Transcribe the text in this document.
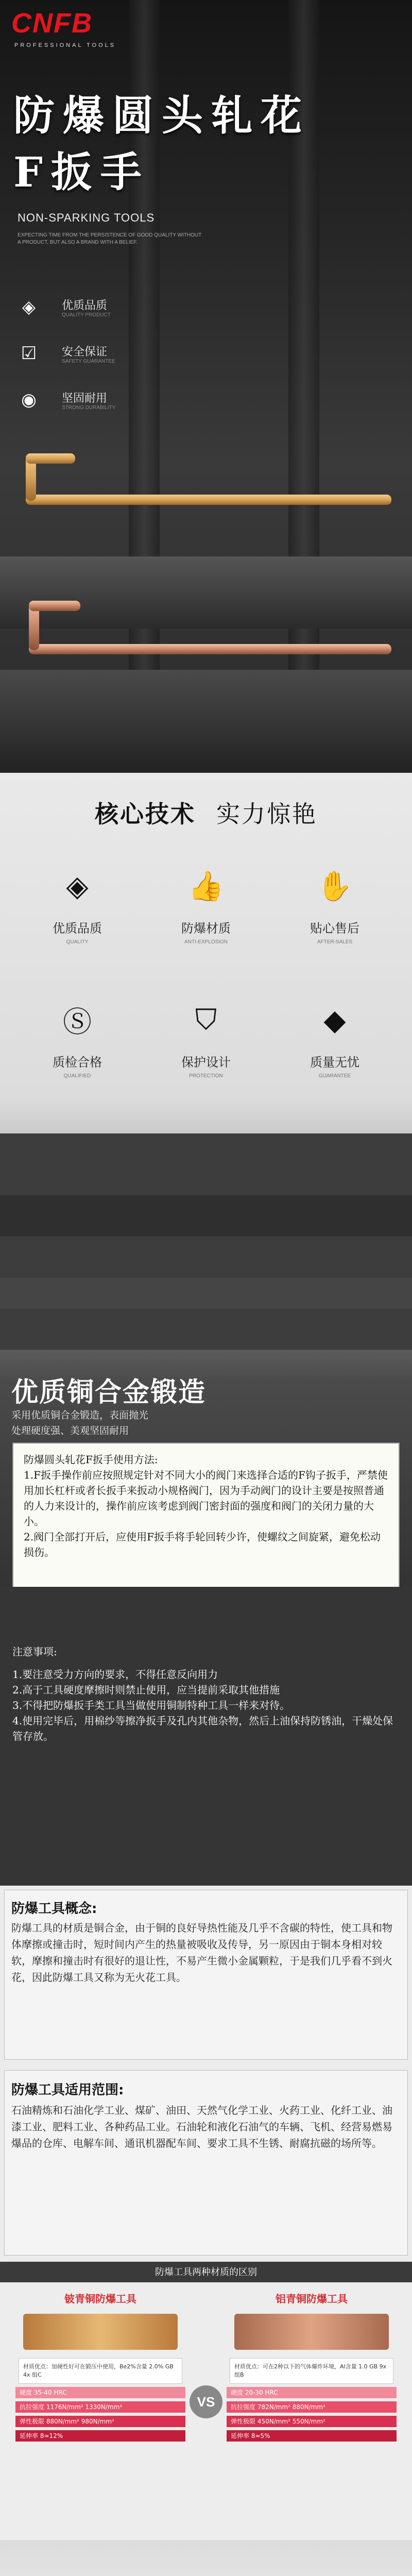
CNFB
PROFESSIONAL TOOLS
防爆圆头轧花
F扳手
NON-SPARKING TOOLS
EXPECTING TIME FROM THE PERSISTENCE OF GOOD QUALITY WITHOUT A PRODUCT, BUT ALSO A BRAND WITH A BELIEF.
◈	优质品质
QUALITY PRODUCT
☑	安全保证
SAFETY GUARANTEE
◉	坚固耐用
STRONG DURABILITY
核心技术 实力惊艳
◈
优质品质
QUALITY
👍
防爆材质
ANTI-EXPLOSION
✋
贴心售后
AFTER-SALES
Ⓢ
质检合格
QUALIFIED
⛉
保护设计
PROTECTION
◆
质量无忧
GUARANTEE
优质铜合金锻造
采用优质铜合金锻造，表面抛光
处理硬度强、美观坚固耐用
防爆圆头轧花F扳手使用方法:
1.F扳手操作前应按照规定针对不同大小的阀门来选择合适的F钩子扳手，严禁使用加长杠杆或者长扳手来扳动小规格阀门，因为手动阀门的设计主要是按照普通的人力来设计的，操作前应该考虑到阀门密封面的强度和阀门的关闭力量的大小。
2.阀门全部打开后，应使用F扳手将手轮回转少许，使螺纹之间旋紧，避免松动损伤。
注意事项:
1.要注意受力方向的要求，不得任意反向用力
2.高于工具硬度摩擦时则禁止使用，应当提前采取其他措施
3.不得把防爆扳手类工具当做使用铜制特种工具一样来对待。
4.使用完毕后，用棉纱等擦净扳手及孔内其他杂物，然后上油保持防锈油，干燥处保管存放。
防爆工具概念:
防爆工具的材质是铜合金，由于铜的良好导热性能及几乎不含碳的特性，使工具和物体摩擦或撞击时，短时间内产生的热量被吸收及传导，另一原因由于铜本身相对较软，摩擦和撞击时有很好的退让性，不易产生微小金属颗粒，于是我们几乎看不到火花，因此防爆工具又称为无火花工具。
防爆工具适用范围:
石油精炼和石油化学工业、煤矿、油田、天然气化学工业、火药工业、化纤工业、油漆工业、肥料工业、各种药品工业。石油轮和液化石油气的车辆、飞机、经营易燃易爆品的仓库、电解车间、通讯机器配车间、要求工具不生锈、耐腐抗磁的场所等。
防爆工具两种材质的区别
铍青铜防爆工具
材质优点：加硬性好可在锻压中使用，Be2%含量 2.0% GB 4x 组C
硬度 35-40 HRC
抗拉强度 1176N/mm² 1330N/mm²
弹性极限 880N/mm² 980N/mm²
延伸率 8≈12%
VS
铝青铜防爆工具
材质优点：可在2种以下的气体爆炸环境，Al含量 1.0 GB 9x 组B
硬度 20-30 HRC
抗拉强度 782N/mm² 880N/mm²
弹性极限 450N/mm² 550N/mm²
延伸率 8≈5%
